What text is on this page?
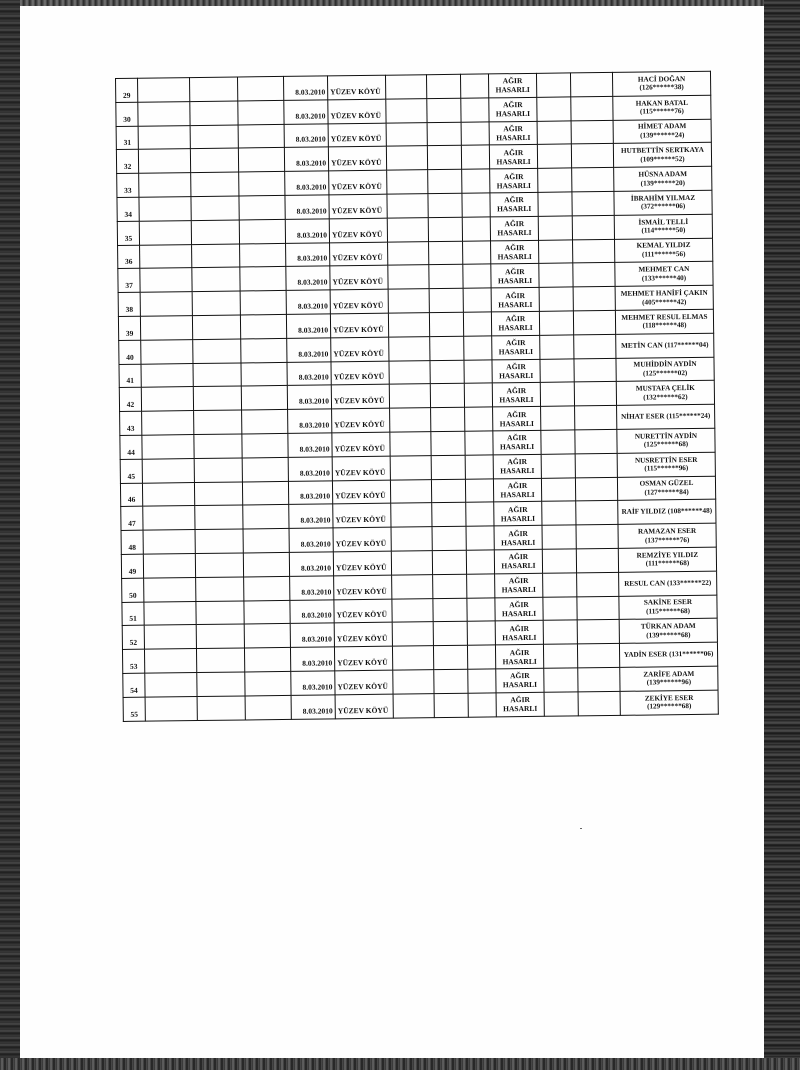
29				8.03.2010	YÜZEV KÖYÜ				AĞIR HASARLI			HACİ DOĞAN (126******38)
30				8.03.2010	YÜZEV KÖYÜ				AĞIR HASARLI			HAKAN BATAL (115******76)
31				8.03.2010	YÜZEV KÖYÜ				AĞIR HASARLI			HİMET ADAM (139******24)
32				8.03.2010	YÜZEV KÖYÜ				AĞIR HASARLI			HUTBETTİN SERTKAYA (109******52)
33				8.03.2010	YÜZEV KÖYÜ				AĞIR HASARLI			HÜSNA ADAM (139******20)
34				8.03.2010	YÜZEV KÖYÜ				AĞIR HASARLI			İBRAHİM YILMAZ (372******06)
35				8.03.2010	YÜZEV KÖYÜ				AĞIR HASARLI			İSMAİL TELLİ (114******50)
36				8.03.2010	YÜZEV KÖYÜ				AĞIR HASARLI			KEMAL YILDIZ (111******56)
37				8.03.2010	YÜZEV KÖYÜ				AĞIR HASARLI			MEHMET CAN (133******40)
38				8.03.2010	YÜZEV KÖYÜ				AĞIR HASARLI			MEHMET HANİFİ ÇAKIN (405******42)
39				8.03.2010	YÜZEV KÖYÜ				AĞIR HASARLI			MEHMET RESUL ELMAS (118******48)
40				8.03.2010	YÜZEV KÖYÜ				AĞIR HASARLI			METİN CAN (117******04)
41				8.03.2010	YÜZEV KÖYÜ				AĞIR HASARLI			MUHİDDİN AYDİN (125******02)
42				8.03.2010	YÜZEV KÖYÜ				AĞIR HASARLI			MUSTAFA ÇELİK (132******62)
43				8.03.2010	YÜZEV KÖYÜ				AĞIR HASARLI			NİHAT ESER (115******24)
44				8.03.2010	YÜZEV KÖYÜ				AĞIR HASARLI			NURETTİN AYDİN (125******68)
45				8.03.2010	YÜZEV KÖYÜ				AĞIR HASARLI			NUSRETTİN ESER (115******96)
46				8.03.2010	YÜZEV KÖYÜ				AĞIR HASARLI			OSMAN GÜZEL (127******84)
47				8.03.2010	YÜZEV KÖYÜ				AĞIR HASARLI			RAİF YILDIZ (108******48)
48				8.03.2010	YÜZEV KÖYÜ				AĞIR HASARLI			RAMAZAN ESER (137******76)
49				8.03.2010	YÜZEV KÖYÜ				AĞIR HASARLI			REMZİYE YILDIZ (111******68)
50				8.03.2010	YÜZEV KÖYÜ				AĞIR HASARLI			RESUL CAN (133******22)
51				8.03.2010	YÜZEV KÖYÜ				AĞIR HASARLI			SAKİNE ESER (115******68)
52				8.03.2010	YÜZEV KÖYÜ				AĞIR HASARLI			TÜRKAN ADAM (139******68)
53				8.03.2010	YÜZEV KÖYÜ				AĞIR HASARLI			YADİN ESER (131******06)
54				8.03.2010	YÜZEV KÖYÜ				AĞIR HASARLI			ZARİFE ADAM (139******96)
55				8.03.2010	YÜZEV KÖYÜ				AĞIR HASARLI			ZEKİYE ESER (129******68)
